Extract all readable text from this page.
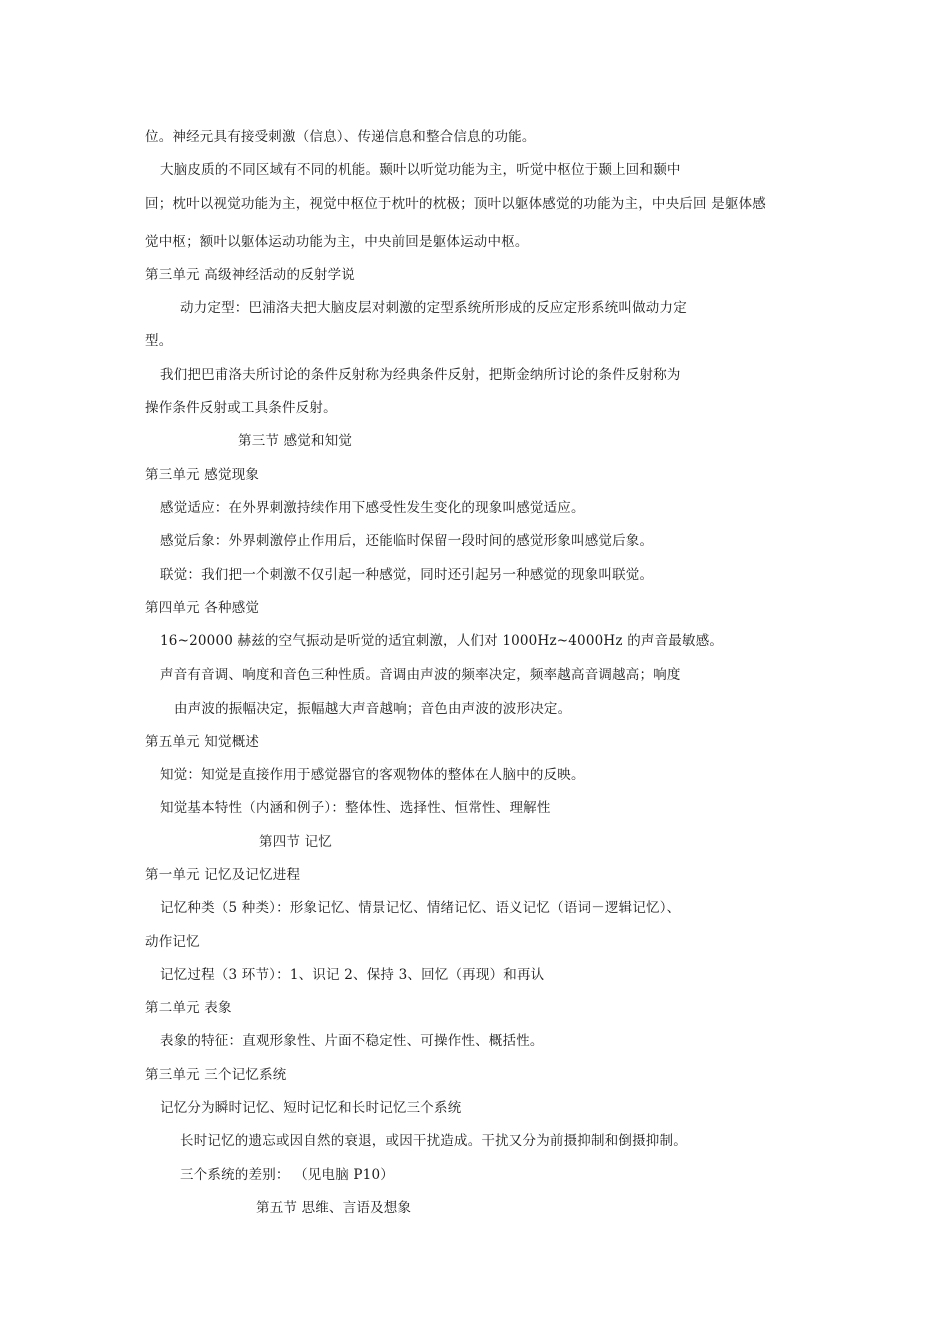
位。神经元具有接受刺激（信息）、传递信息和整合信息的功能。
大脑皮质的不同区域有不同的机能。颞叶以听觉功能为主，听觉中枢位于颞上回和颞中
回；枕叶以视觉功能为主，视觉中枢位于枕叶的枕极；顶叶以躯体感觉的功能为主，中央后回 是躯体感
觉中枢；额叶以躯体运动功能为主，中央前回是躯体运动中枢。
第三单元 高级神经活动的反射学说
动力定型：巴浦洛夫把大脑皮层对刺激的定型系统所形成的反应定形系统叫做动力定
型。
我们把巴甫洛夫所讨论的条件反射称为经典条件反射，把斯金纳所讨论的条件反射称为
操作条件反射或工具条件反射。
第三节 感觉和知觉
第三单元 感觉现象
感觉适应：在外界刺激持续作用下感受性发生变化的现象叫感觉适应。
感觉后象：外界刺激停止作用后，还能临时保留一段时间的感觉形象叫感觉后象。
联觉：我们把一个刺激不仅引起一种感觉，同时还引起另一种感觉的现象叫联觉。
第四单元 各种感觉
16~20000 赫兹的空气振动是听觉的适宜刺激，人们对 1000Hz~4000Hz 的声音最敏感。
声音有音调、响度和音色三种性质。音调由声波的频率决定，频率越高音调越高；响度
由声波的振幅决定，振幅越大声音越响；音色由声波的波形决定。
第五单元 知觉概述
知觉：知觉是直接作用于感觉器官的客观物体的整体在人脑中的反映。
知觉基本特性（内涵和例子）：整体性、选择性、恒常性、理解性
第四节 记忆
第一单元 记忆及记忆进程
记忆种类（5 种类）：形象记忆、情景记忆、情绪记忆、语义记忆（语词－逻辑记忆）、
动作记忆
记忆过程（3 环节）：1、识记 2、保持 3、回忆（再现）和再认
第二单元 表象
表象的特征：直观形象性、片面不稳定性、可操作性、概括性。
第三单元 三个记忆系统
记忆分为瞬时记忆、短时记忆和长时记忆三个系统
长时记忆的遗忘或因自然的衰退，或因干扰造成。干扰又分为前摄抑制和倒摄抑制。
三个系统的差别： （见电脑 P10）
第五节 思维、言语及想象
